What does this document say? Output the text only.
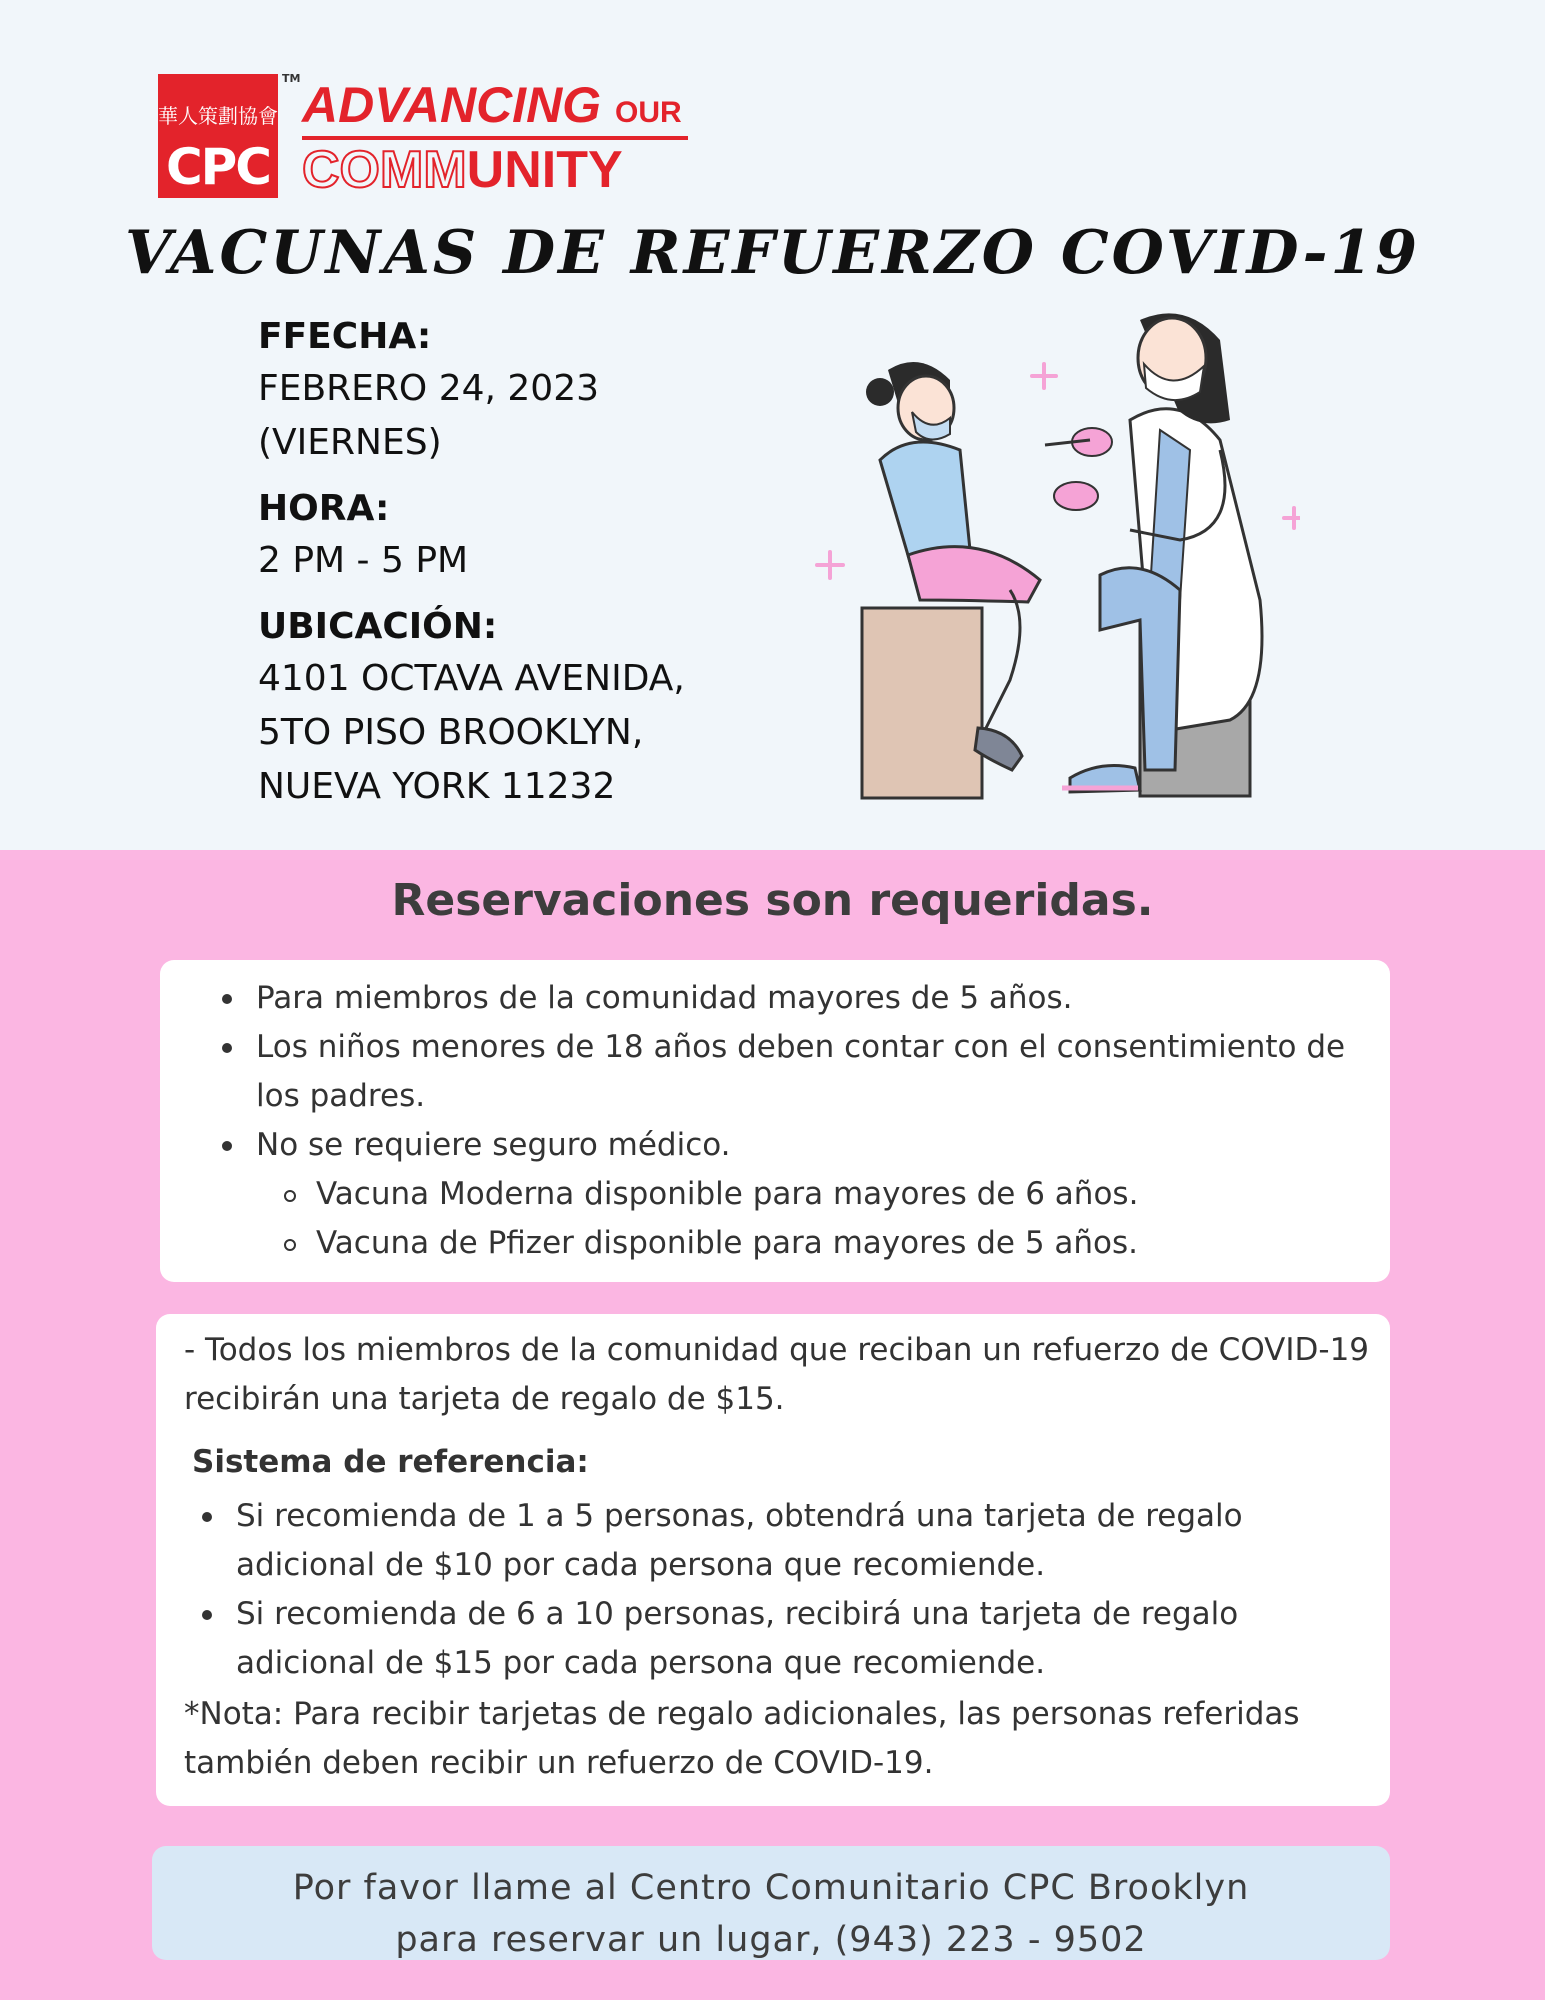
華人策劃協會
CPC
TM ADVANCING OUR
COMMUNITY
VACUNAS DE REFUERZO COVID-19
FFECHA:
FEBRERO 24, 2023
(VIERNES)
HORA:
2 PM - 5 PM
UBICACIÓN:
4101 OCTAVA AVENIDA,
5TO PISO BROOKLYN,
NUEVA YORK 11232
Reservaciones son requeridas.
Para miembros de la comunidad mayores de 5 años.
Los niños menores de 18 años deben contar con el consentimiento de los padres.
No se requiere seguro médico.
Vacuna Moderna disponible para mayores de 6 años.
Vacuna de Pfizer disponible para mayores de 5 años.
- Todos los miembros de la comunidad que reciban un refuerzo de COVID-19 recibirán una tarjeta de regalo de $15.
Sistema de referencia:
Si recomienda de 1 a 5 personas, obtendrá una tarjeta de regalo adicional de $10 por cada persona que recomiende.
Si recomienda de 6 a 10 personas, recibirá una tarjeta de regalo adicional de $15 por cada persona que recomiende.
*Nota: Para recibir tarjetas de regalo adicionales, las personas referidas también deben recibir un refuerzo de COVID-19.
Por favor llame al Centro Comunitario CPC Brooklyn
para reservar un lugar, (943) 223 - 9502
